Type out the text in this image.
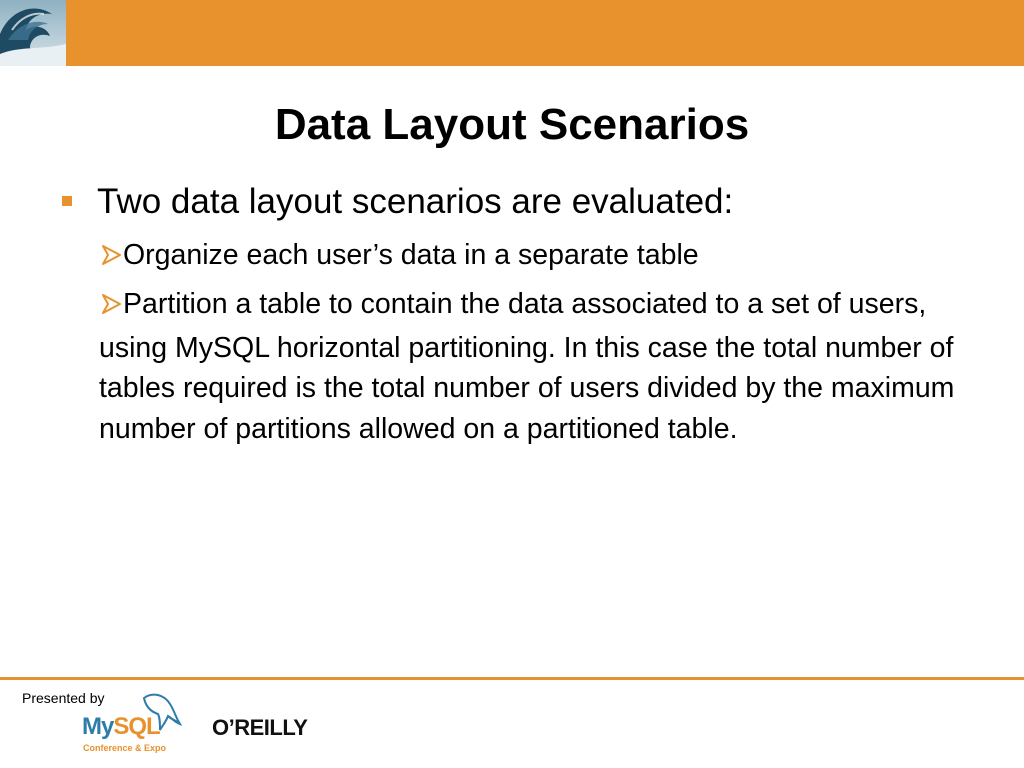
Data Layout Scenarios
Two data layout scenarios are evaluated:
Organize each user’s data in a separate table
Partition a table to contain the data associated to a set of users, using MySQL horizontal partitioning. In this case the total number of tables required is the total number of users divided by the maximum number of partitions allowed on a partitioned table.
Presented by
MySQL
Conference & Expo
O’REILLY
